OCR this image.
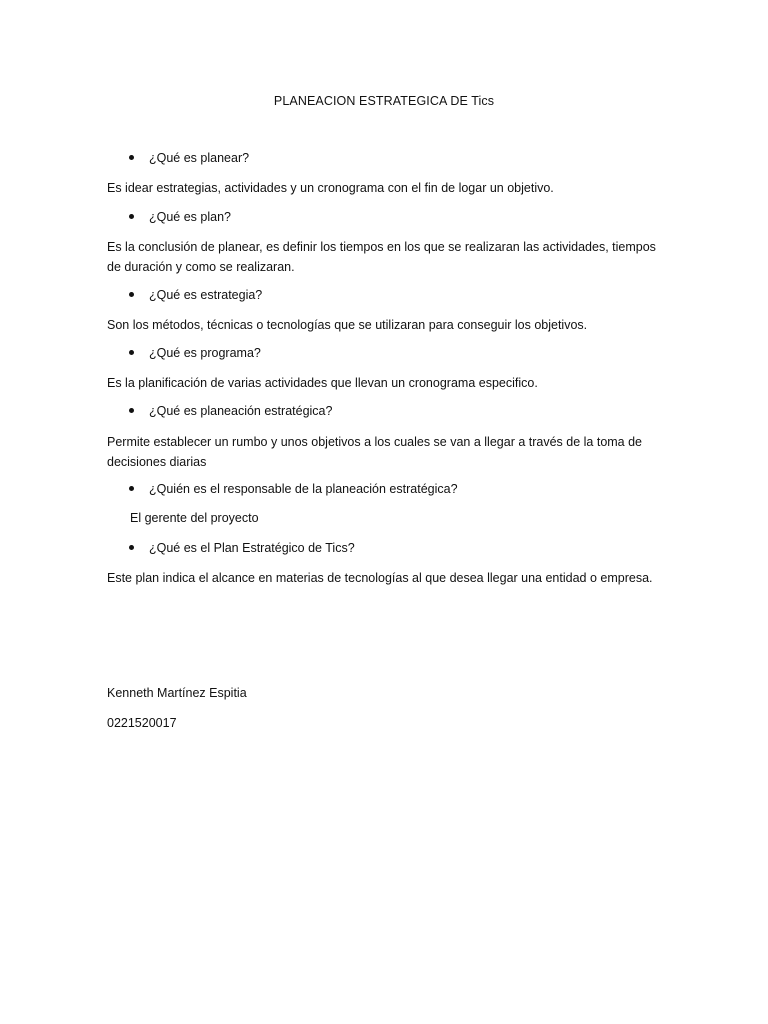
PLANEACION ESTRATEGICA DE Tics
¿Qué es planear?
Es idear estrategias, actividades y un cronograma con el fin de logar un objetivo.
¿Qué es plan?
Es la conclusión de planear, es definir los tiempos en los que se realizaran las actividades, tiempos de duración y como se realizaran.
¿Qué es estrategia?
Son los métodos, técnicas o tecnologías que se utilizaran para conseguir los objetivos.
¿Qué es programa?
Es la planificación de varias actividades que llevan un cronograma especifico.
¿Qué es planeación estratégica?
Permite establecer un rumbo y unos objetivos a los cuales se van a llegar a través de la toma de decisiones diarias
¿Quién es el responsable de la planeación estratégica?
El gerente del proyecto
¿Qué es el Plan Estratégico de Tics?
Este plan indica el alcance en materias de tecnologías al que desea llegar una entidad o empresa.
Kenneth Martínez Espitia
0221520017
